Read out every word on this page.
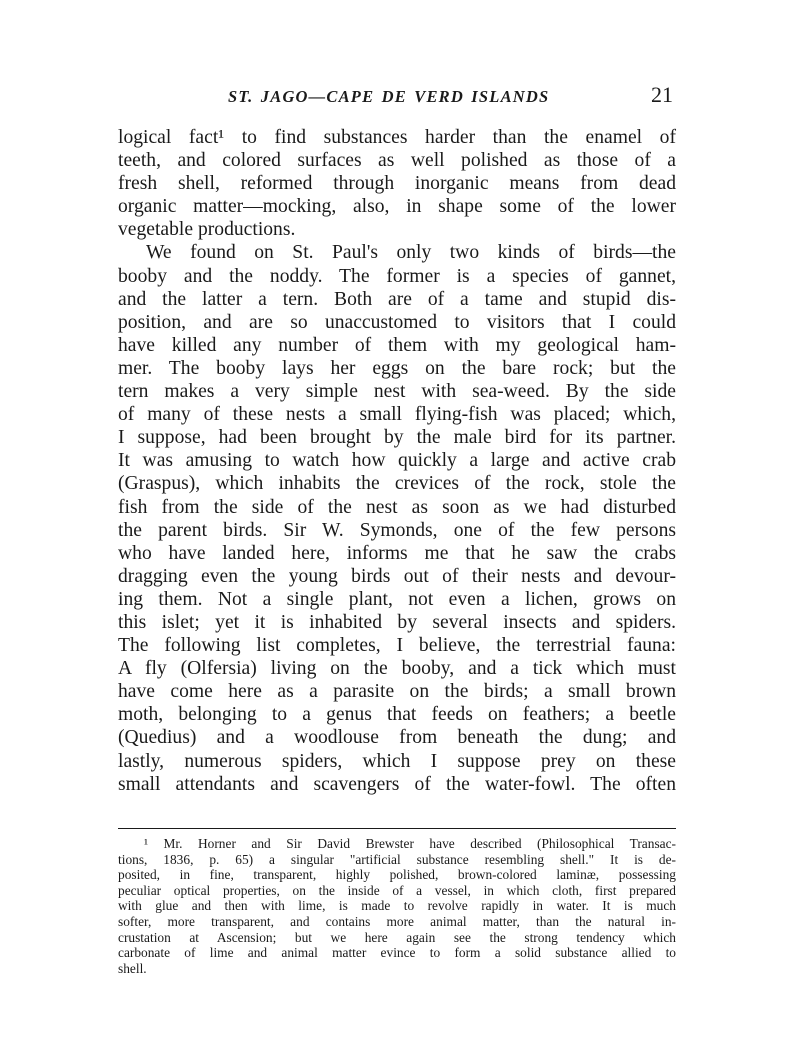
ST. JAGO—CAPE DE VERD ISLANDS	21
logical fact¹ to find substances harder than the enamel of
teeth, and colored surfaces as well polished as those of a
fresh shell, reformed through inorganic means from dead
organic matter—mocking, also, in shape some of the lower
vegetable productions.
We found on St. Paul's only two kinds of birds—the
booby and the noddy. The former is a species of gannet,
and the latter a tern. Both are of a tame and stupid dis-
position, and are so unaccustomed to visitors that I could
have killed any number of them with my geological ham-
mer. The booby lays her eggs on the bare rock; but the
tern makes a very simple nest with sea-weed. By the side
of many of these nests a small flying-fish was placed; which,
I suppose, had been brought by the male bird for its partner.
It was amusing to watch how quickly a large and active crab
(Graspus), which inhabits the crevices of the rock, stole the
fish from the side of the nest as soon as we had disturbed
the parent birds. Sir W. Symonds, one of the few persons
who have landed here, informs me that he saw the crabs
dragging even the young birds out of their nests and devour-
ing them. Not a single plant, not even a lichen, grows on
this islet; yet it is inhabited by several insects and spiders.
The following list completes, I believe, the terrestrial fauna:
A fly (Olfersia) living on the booby, and a tick which must
have come here as a parasite on the birds; a small brown
moth, belonging to a genus that feeds on feathers; a beetle
(Quedius) and a woodlouse from beneath the dung; and
lastly, numerous spiders, which I suppose prey on these
small attendants and scavengers of the water-fowl. The often
¹ Mr. Horner and Sir David Brewster have described (Philosophical Transac-
tions, 1836, p. 65) a singular "artificial substance resembling shell." It is de-
posited, in fine, transparent, highly polished, brown-colored laminæ, possessing
peculiar optical properties, on the inside of a vessel, in which cloth, first prepared
with glue and then with lime, is made to revolve rapidly in water. It is much
softer, more transparent, and contains more animal matter, than the natural in-
crustation at Ascension; but we here again see the strong tendency which
carbonate of lime and animal matter evince to form a solid substance allied to
shell.
